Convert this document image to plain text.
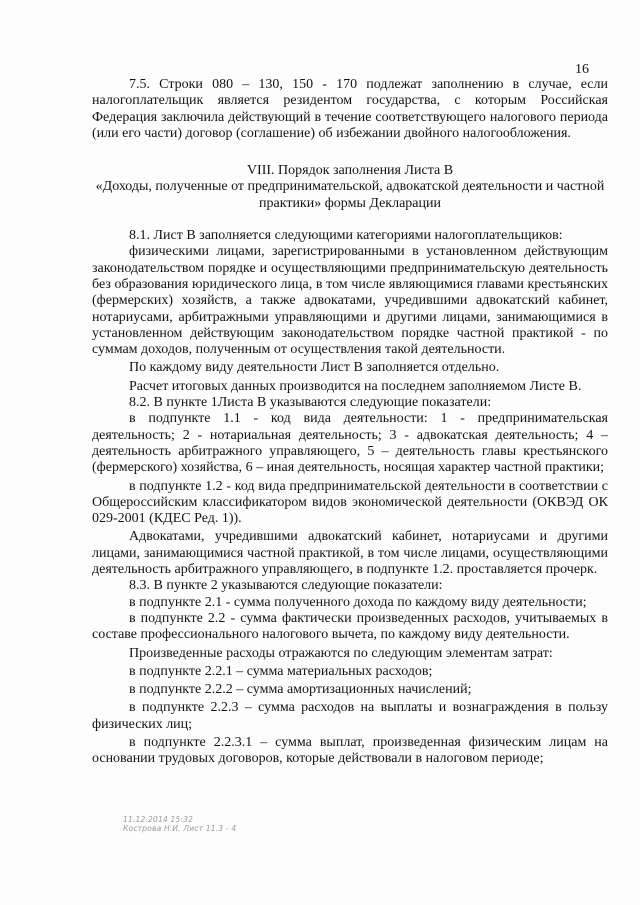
16

7.5. Строки 080 – 130, 150 - 170 подлежат заполнению в случае, если налогоплательщик является резидентом государства, с которым Российская Федерация заключила действующий в течение соответствующего налогового периода (или его части) договор (соглашение) об избежании двойного налогообложения.

VIII. Порядок заполнения Листа В

«Доходы, полученные от предпринимательской, адвокатской деятельности и частной практики» формы Декларации

8.1. Лист В заполняется следующими категориями налогоплательщиков:

физическими лицами, зарегистрированными в установленном действующим законодательством порядке и осуществляющими предпринимательскую деятельность без образования юридического лица, в том числе являющимися главами крестьянских (фермерских) хозяйств, а также адвокатами, учредившими адвокатский кабинет, нотариусами, арбитражными управляющими и другими лицами, занимающимися в установленном действующим законодательством порядке частной практикой - по суммам доходов, полученным от осуществления такой деятельности.

По каждому виду деятельности Лист В заполняется отдельно.

Расчет итоговых данных производится на последнем заполняемом Листе В.

8.2. В пункте 1Листа В указываются следующие показатели:

в подпункте 1.1 - код вида деятельности: 1 - предпринимательская деятельность; 2 - нотариальная деятельность; 3 - адвокатская деятельность; 4 – деятельность арбитражного управляющего, 5 – деятельность главы крестьянского (фермерского) хозяйства, 6 – иная деятельность, носящая характер частной практики;

в подпункте 1.2 - код вида предпринимательской деятельности в соответствии с Общероссийским классификатором видов экономической деятельности (ОКВЭД ОК 029-2001 (КДЕС Ред. 1)).

Адвокатами, учредившими адвокатский кабинет, нотариусами и другими лицами, занимающимися частной практикой, в том числе лицами, осуществляющими деятельность арбитражного управляющего, в подпункте 1.2. проставляется прочерк.

8.3. В пункте 2 указываются следующие показатели:

в подпункте 2.1 - сумма полученного дохода по каждому виду деятельности;

в подпункте 2.2 - сумма фактически произведенных расходов, учитываемых в составе профессионального налогового вычета, по каждому виду деятельности.

Произведенные расходы отражаются по следующим элементам затрат:

в подпункте 2.2.1 – сумма материальных расходов;

в подпункте 2.2.2 – сумма амортизационных начислений;

в подпункте 2.2.3 – сумма расходов на выплаты и вознаграждения в пользу физических лиц;

в подпункте 2.2.3.1 – сумма выплат, произведенная физическим лицам на основании трудовых договоров, которые действовали в налоговом периоде;

11.12.2014 15:32
Кострова Н.И. Лист 11.3 - 4
